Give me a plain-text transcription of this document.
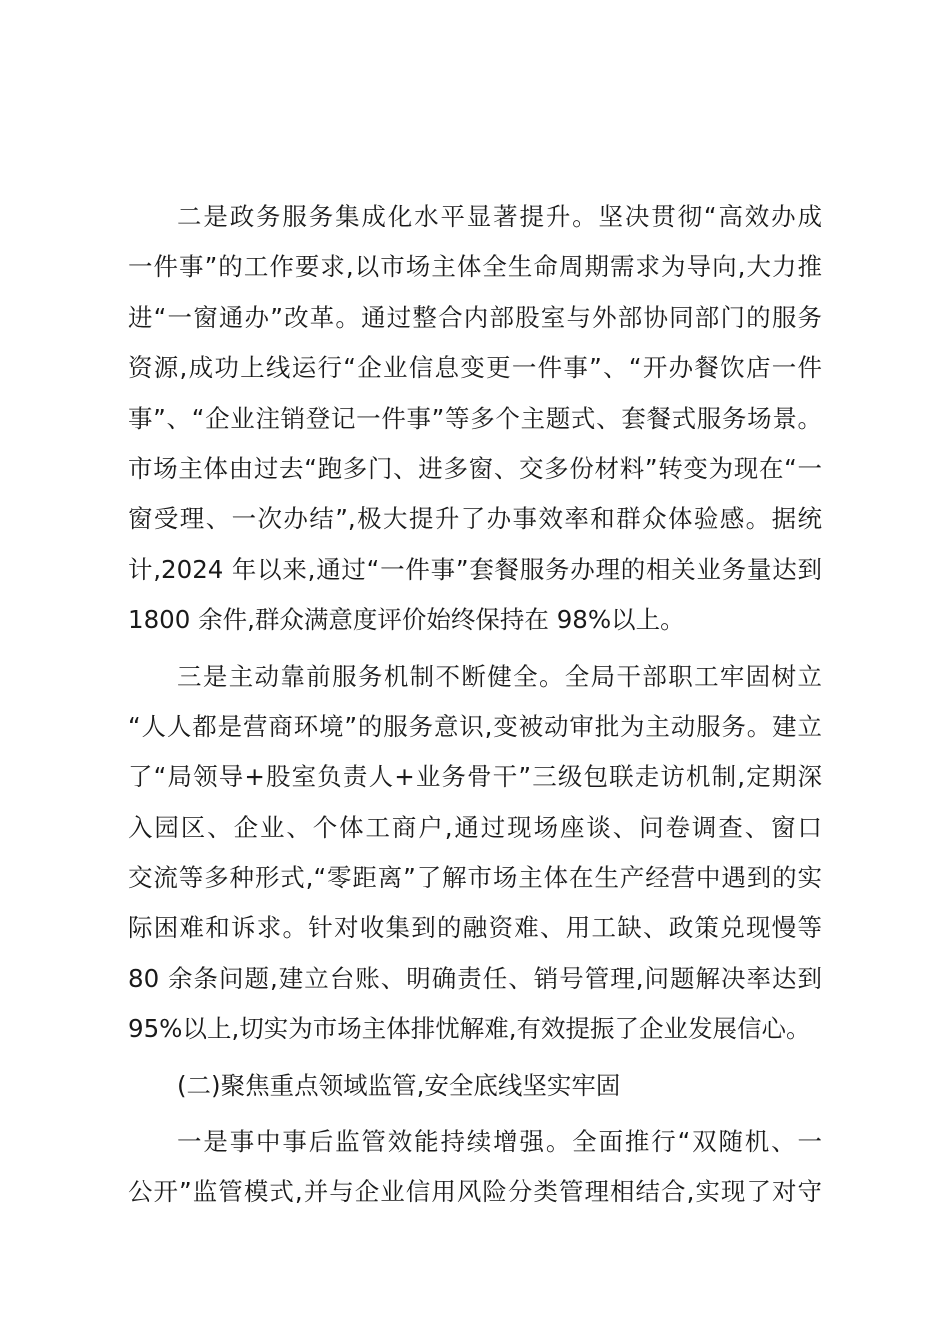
二是政务服务集成化水平显著提升。坚决贯彻“高效办成
一件事”的工作要求,以市场主体全生命周期需求为导向,大力推
进“一窗通办”改革。通过整合内部股室与外部协同部门的服务
资源,成功上线运行“企业信息变更一件事”、“开办餐饮店一件
事”、“企业注销登记一件事”等多个主题式、套餐式服务场景。
市场主体由过去“跑多门、进多窗、交多份材料”转变为现在“一
窗受理、一次办结”,极大提升了办事效率和群众体验感。据统
计,2024 年以来,通过“一件事”套餐服务办理的相关业务量达到
1800 余件,群众满意度评价始终保持在 98%以上。
三是主动靠前服务机制不断健全。全局干部职工牢固树立
“人人都是营商环境”的服务意识,变被动审批为主动服务。建立
了“局领导+股室负责人+业务骨干”三级包联走访机制,定期深
入园区、企业、个体工商户,通过现场座谈、问卷调查、窗口
交流等多种形式,“零距离”了解市场主体在生产经营中遇到的实
际困难和诉求。针对收集到的融资难、用工缺、政策兑现慢等
80 余条问题,建立台账、明确责任、销号管理,问题解决率达到
95%以上,切实为市场主体排忧解难,有效提振了企业发展信心。
(二)聚焦重点领域监管,安全底线坚实牢固
一是事中事后监管效能持续增强。全面推行“双随机、一
公开”监管模式,并与企业信用风险分类管理相结合,实现了对守
